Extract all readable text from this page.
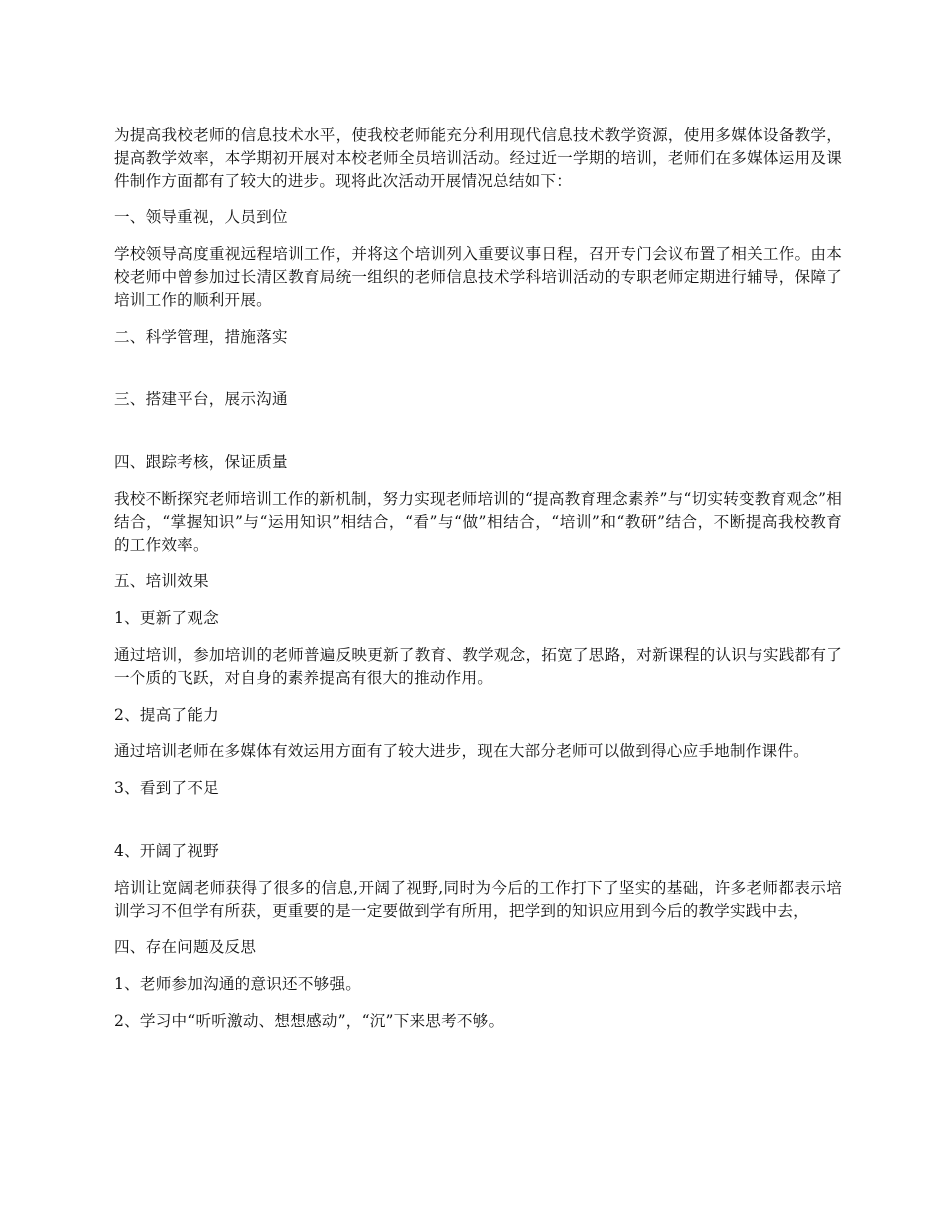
为提高我校老师的信息技术水平，使我校老师能充分利用现代信息技术教学资源，使用多媒体设备教学，提高教学效率，本学期初开展对本校老师全员培训活动。经过近一学期的培训，老师们在多媒体运用及课件制作方面都有了较大的进步。现将此次活动开展情况总结如下：

一、领导重视，人员到位

学校领导高度重视远程培训工作，并将这个培训列入重要议事日程，召开专门会议布置了相关工作。由本校老师中曾参加过长清区教育局统一组织的老师信息技术学科培训活动的专职老师定期进行辅导，保障了培训工作的顺利开展。

二、科学管理，措施落实

三、搭建平台，展示沟通

四、跟踪考核，保证质量

我校不断探究老师培训工作的新机制，努力实现老师培训的“提高教育理念素养”与“切实转变教育观念”相结合，“掌握知识”与“运用知识”相结合，“看”与“做”相结合，“培训”和“教研”结合，不断提高我校教育的工作效率。

五、培训效果

1、更新了观念

通过培训，参加培训的老师普遍反映更新了教育、教学观念，拓宽了思路，对新课程的认识与实践都有了一个质的飞跃，对自身的素养提高有很大的推动作用。

2、提高了能力

通过培训老师在多媒体有效运用方面有了较大进步，现在大部分老师可以做到得心应手地制作课件。

3、看到了不足

4、开阔了视野

培训让宽阔老师获得了很多的信息,开阔了视野,同时为今后的工作打下了坚实的基础，许多老师都表示培训学习不但学有所获，更重要的是一定要做到学有所用，把学到的知识应用到今后的教学实践中去，

四、存在问题及反思

1、老师参加沟通的意识还不够强。

2、学习中“听听激动、想想感动”，“沉”下来思考不够。
